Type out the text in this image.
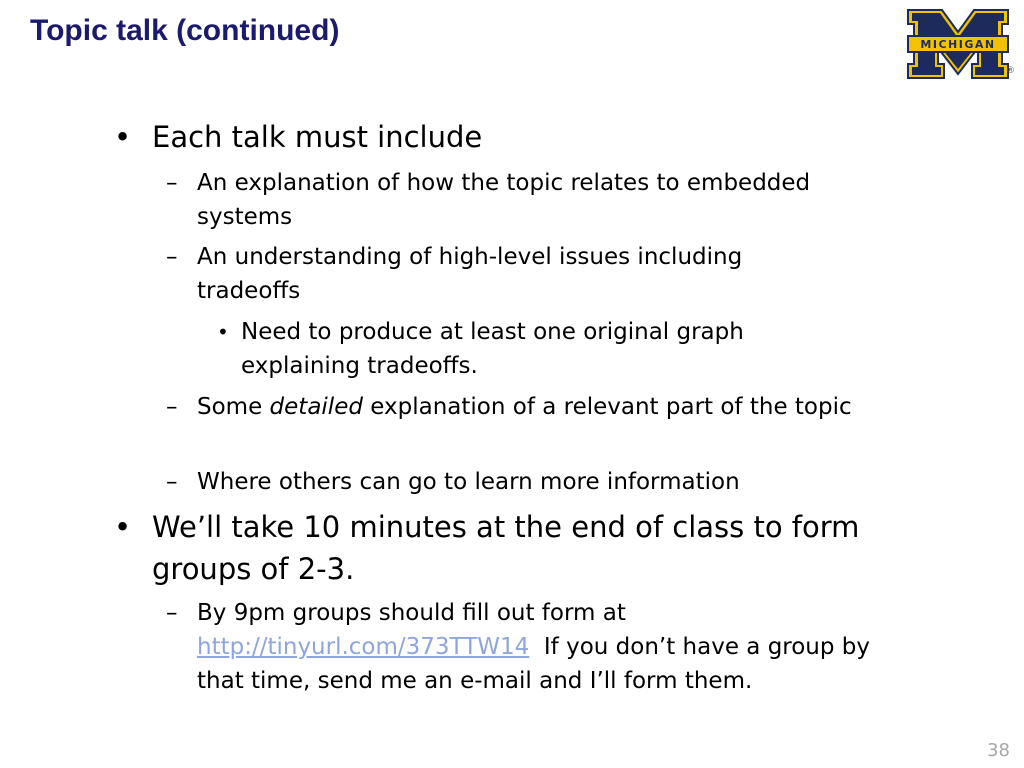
Topic talk (continued)	MICHIGAN
®
• Each talk must include
– An explanation of how the topic relates to embedded systems
– An understanding of high-level issues including tradeoffs
• Need to produce at least one original graph explaining tradeoffs.
– Some detailed explanation of a relevant part of the topic
– Where others can go to learn more information
• We’ll take 10 minutes at the end of class to form groups of 2-3.
– By 9pm groups should fill out form at http://tinyurl.com/373TTW14  If you don’t have a group by that time, send me an e-mail and I’ll form them.
38
